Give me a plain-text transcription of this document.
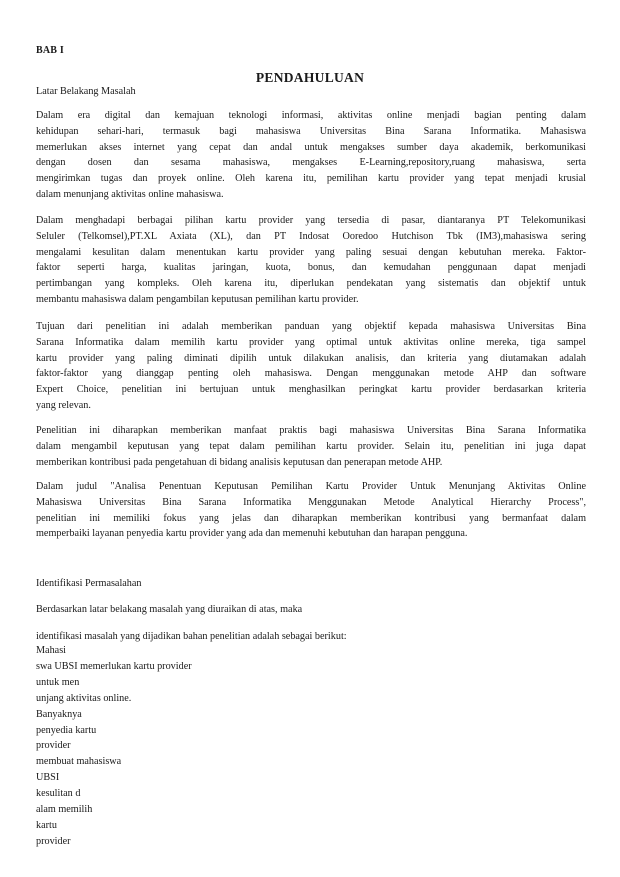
BAB I
PENDAHULUAN
Latar Belakang Masalah
Dalam era digital dan kemajuan teknologi informasi, aktivitas online menjadi bagian penting dalam
kehidupan sehari-hari, termasuk bagi mahasiswa Universitas Bina Sarana Informatika. Mahasiswa
memerlukan akses internet yang cepat dan andal untuk mengakses sumber daya akademik, berkomunikasi
dengan dosen dan sesama mahasiswa, mengakses E-Learning,repository,ruang mahasiswa, serta
mengirimkan tugas dan proyek online. Oleh karena itu, pemilihan kartu provider yang tepat menjadi krusial
dalam menunjang aktivitas online mahasiswa.
Dalam menghadapi berbagai pilihan kartu provider yang tersedia di pasar, diantaranya PT Telekomunikasi
Seluler (Telkomsel),PT.XL Axiata (XL), dan PT Indosat Ooredoo Hutchison Tbk (IM3),mahasiswa sering
mengalami kesulitan dalam menentukan kartu provider yang paling sesuai dengan kebutuhan mereka. Faktor-
faktor seperti harga, kualitas jaringan, kuota, bonus, dan kemudahan penggunaan dapat menjadi
pertimbangan yang kompleks. Oleh karena itu, diperlukan pendekatan yang sistematis dan objektif untuk
membantu mahasiswa dalam pengambilan keputusan pemilihan kartu provider.
Tujuan dari penelitian ini adalah memberikan panduan yang objektif kepada mahasiswa Universitas Bina
Sarana Informatika dalam memilih kartu provider yang optimal untuk aktivitas online mereka, tiga sampel
kartu provider yang paling diminati dipilih untuk dilakukan analisis, dan kriteria yang diutamakan adalah
faktor-faktor yang dianggap penting oleh mahasiswa. Dengan menggunakan metode AHP dan software
Expert Choice, penelitian ini bertujuan untuk menghasilkan peringkat kartu provider berdasarkan kriteria
yang relevan.
Penelitian ini diharapkan memberikan manfaat praktis bagi mahasiswa Universitas Bina Sarana Informatika
dalam mengambil keputusan yang tepat dalam pemilihan kartu provider. Selain itu, penelitian ini juga dapat
memberikan kontribusi pada pengetahuan di bidang analisis keputusan dan penerapan metode AHP.
Dalam judul "Analisa Penentuan Keputusan Pemilihan Kartu Provider Untuk Menunjang Aktivitas Online
Mahasiswa Universitas Bina Sarana Informatika Menggunakan Metode Analytical Hierarchy Process",
penelitian ini memiliki fokus yang jelas dan diharapkan memberikan kontribusi yang bermanfaat dalam
memperbaiki layanan penyedia kartu provider yang ada dan memenuhi kebutuhan dan harapan pengguna.
Identifikasi Permasalahan
Berdasarkan latar belakang masalah yang diuraikan di atas, maka
identifikasi masalah yang dijadikan bahan penelitian adalah sebagai berikut:
Mahasi
swa UBSI memerlukan kartu provider
untuk men
unjang aktivitas online.
Banyaknya
penyedia kartu
provider
membuat mahasiswa
UBSI
kesulitan d
alam memilih
kartu
provider
